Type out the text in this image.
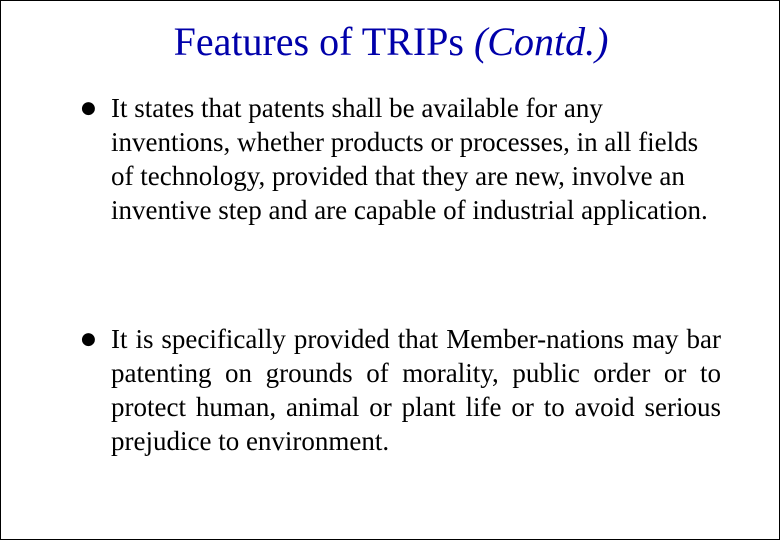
Features of TRIPs (Contd.)
● It states that patents shall be available for any inventions, whether products or processes, in all fields of technology, provided that they are new, involve an inventive step and are capable of industrial application.
● It is specifically provided that Member-nations may bar patenting on grounds of morality, public order or to protect human, animal or plant life or to avoid serious prejudice to environment.
